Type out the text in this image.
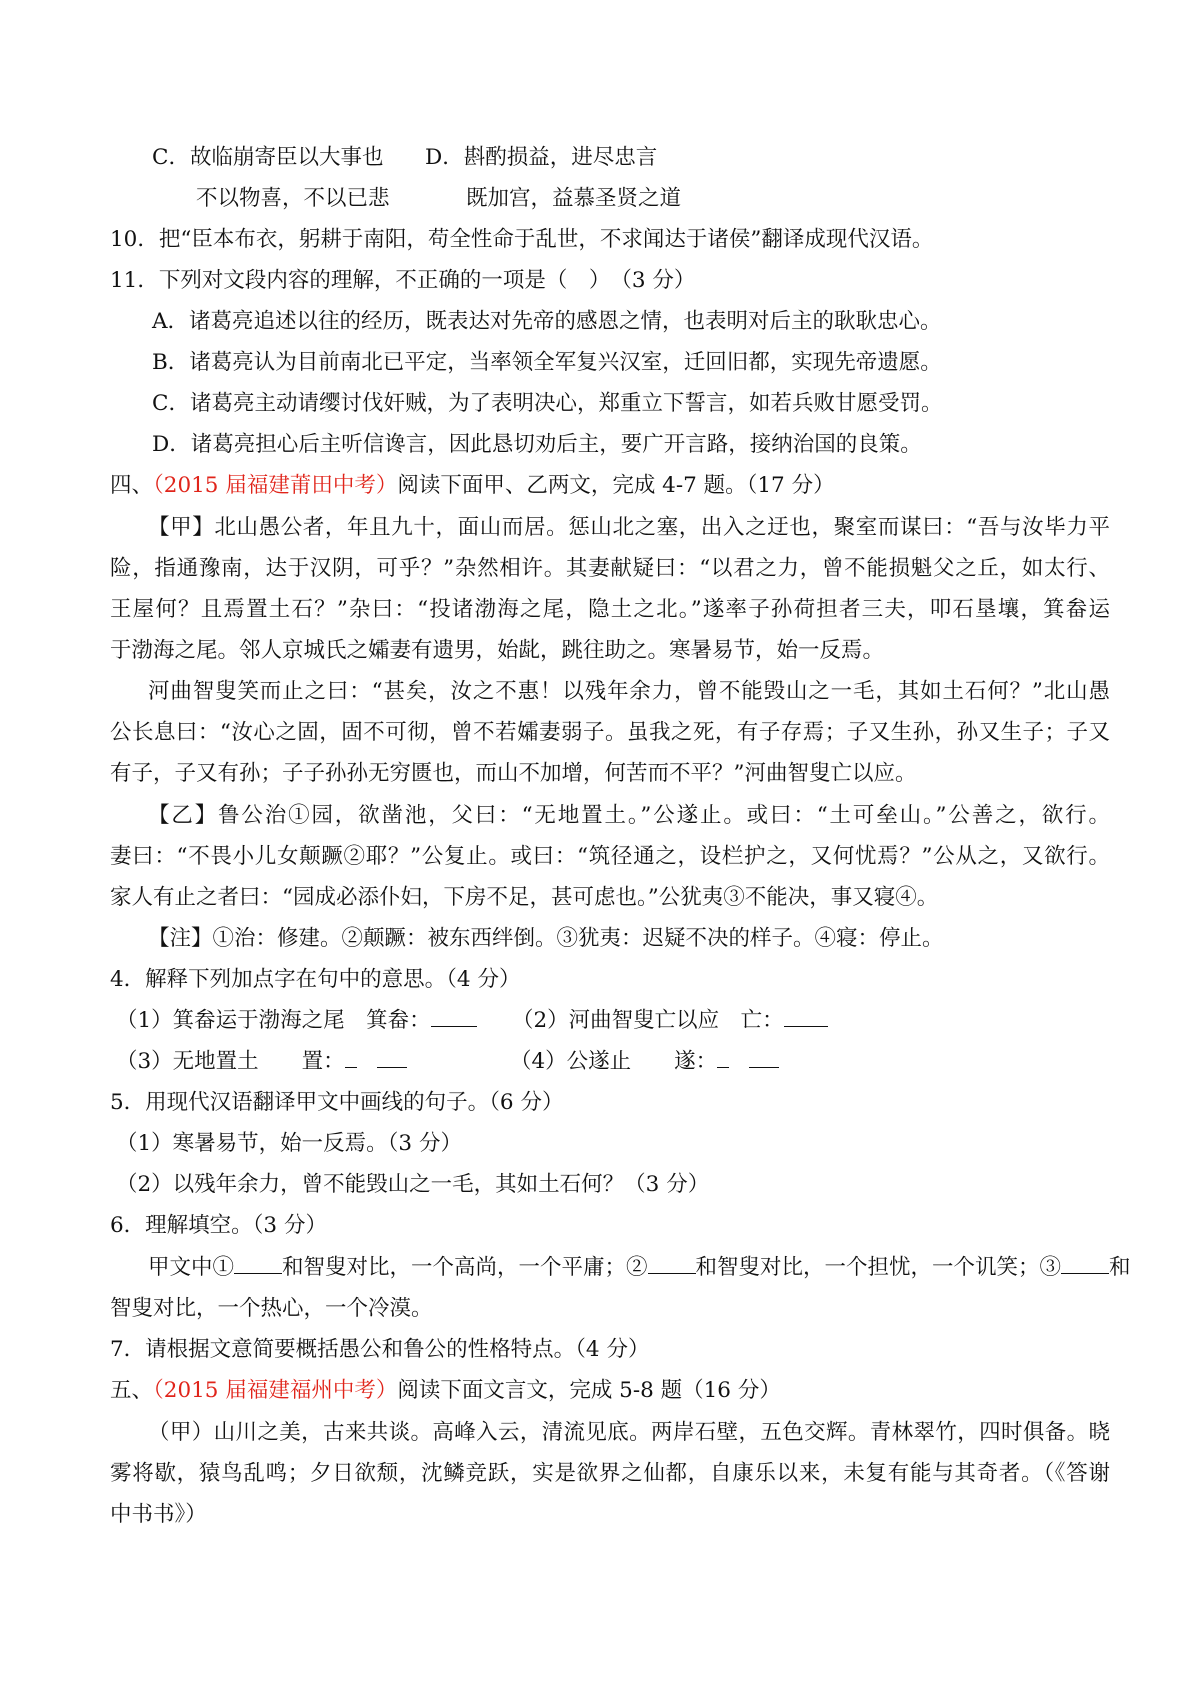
C．故临崩寄臣以大事也 D．斟酌损益，进尽忠言
不以物喜，不以已悲	既加宫，益慕圣贤之道
10．把“臣本布衣，躬耕于南阳，苟全性命于乱世，不求闻达于诸侯”翻译成现代汉语。
11．下列对文段内容的理解，不正确的一项是（　）　（3 分）
A．诸葛亮追述以往的经历，既表达对先帝的感恩之情，也表明对后主的耿耿忠心。
B．诸葛亮认为目前南北已平定，当率领全军复兴汉室，迁回旧都，实现先帝遗愿。
C．诸葛亮主动请缨讨伐奸贼，为了表明决心，郑重立下誓言，如若兵败甘愿受罚。
D．诸葛亮担心后主听信谗言，因此恳切劝后主，要广开言路，接纳治国的良策。
四、（2015 届福建莆田中考）阅读下面甲、乙两文，完成 4-7 题。（17 分）
【甲】北山愚公者，年且九十，面山而居。惩山北之塞，出入之迂也，聚室而谋曰：“吾与汝毕力平
险，指通豫南，达于汉阴，可乎？”杂然相许。其妻献疑曰：“以君之力，曾不能损魁父之丘，如太行、
王屋何？且焉置土石？”杂曰：“投诸渤海之尾，隐土之北。”遂率子孙荷担者三夫，叩石垦壤，箕畚运
于渤海之尾。邻人京城氏之孀妻有遗男，始龀，跳往助之。寒暑易节，始一反焉。
河曲智叟笑而止之曰：“甚矣，汝之不惠！以残年余力，曾不能毁山之一毛，其如土石何？”北山愚
公长息曰：“汝心之固，固不可彻，曾不若孀妻弱子。虽我之死，有子存焉；子又生孙，孙又生子；子又
有子，子又有孙；子子孙孙无穷匮也，而山不加增，何苦而不平？”河曲智叟亡以应。
【乙】鲁公治①园，欲凿池，父曰：“无地置土。”公遂止。或曰：“土可垒山。”公善之，欲行。
妻曰：“不畏小儿女颠蹶②耶？”公复止。或曰：“筑径通之，设栏护之，又何忧焉？”公从之，又欲行。
家人有止之者曰：“园成必添仆妇，下房不足，甚可虑也。”公犹夷③不能决，事又寝④。
【注】①治：修建。②颠蹶：被东西绊倒。③犹夷：迟疑不决的样子。④寝：停止。
4．解释下列加点字在句中的意思。（4 分）
（1）箕畚运于渤海之尾　箕畚：	（2）河曲智叟亡以应　亡：
（3）无地置土　　置：	（4）公遂止　　遂：
5．用现代汉语翻译甲文中画线的句子。（6 分）
（1）寒暑易节，始一反焉。（3 分）
（2）以残年余力，曾不能毁山之一毛，其如土石何？（3 分）
6．理解填空。（3 分）
甲文中① 和智叟对比，一个高尚，一个平庸；② 和智叟对比，一个担忧，一个讥笑；③ 和
智叟对比，一个热心，一个冷漠。
7．请根据文意简要概括愚公和鲁公的性格特点。（4 分）
五、（2015 届福建福州中考）阅读下面文言文，完成 5-8 题（16 分）
（甲）山川之美，古来共谈。高峰入云，清流见底。两岸石壁，五色交辉。青林翠竹，四时俱备。晓
雾将歇，猿鸟乱鸣；夕日欲颓，沈鳞竞跃，实是欲界之仙都，自康乐以来，未复有能与其奇者。（《答谢
中书书》）
